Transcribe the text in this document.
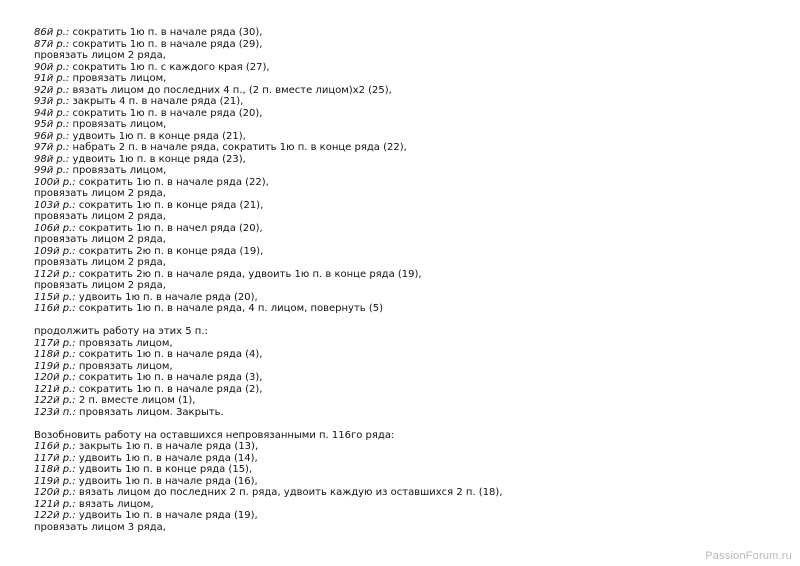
86й р.: сократить 1ю п. в начале ряда (30),
87й р.: сократить 1ю п. в начале ряда (29),
провязать лицом 2 ряда,
90й р.: сократить 1ю п. с каждого края (27),
91й р.: провязать лицом,
92й р.: вязать лицом до последних 4 п., (2 п. вместе лицом)х2 (25),
93й р.: закрыть 4 п. в начале ряда (21),
94й р.: сократить 1ю п. в начале ряда (20),
95й р.: провязать лицом,
96й р.: удвоить 1ю п. в конце ряда (21),
97й р.: набрать 2 п. в начале ряда, сократить 1ю п. в конце ряда (22),
98й р.: удвоить 1ю п. в конце ряда (23),
99й р.: провязать лицом,
100й р.: сократить 1ю п. в начале ряда (22),
провязать лицом 2 ряда,
103й р.: сократить 1ю п. в конце ряда (21),
провязать лицом 2 ряда,
106й р.: сократить 1ю п. в начел ряда (20),
провязать лицом 2 ряда,
109й р.: сократить 2ю п. в конце ряда (19),
провязать лицом 2 ряда,
112й р.: сократить 2ю п. в начале ряда, удвоить 1ю п. в конце ряда (19),
провязать лицом 2 ряда,
115й р.: удвоить 1ю п. в начале ряда (20),
116й р.: сократить 1ю п. в начале ряда, 4 п. лицом, повернуть (5)
продолжить работу на этих 5 п.:
117й р.: провязать лицом,
118й р.: сократить 1ю п. в начале ряда (4),
119й р.: провязать лицом,
120й р.: сократить 1ю п. в начале ряда (3),
121й р.: сократить 1ю п. в начале ряда (2),
122й р.: 2 п. вместе лицом (1),
123й п.: провязать лицом. Закрыть.
Возобновить работу на оставшихся непровязанными п. 116го ряда:
116й р.: закрыть 1ю п. в начале ряда (13),
117й р.: удвоить 1ю п. в начале ряда (14),
118й р.: удвоить 1ю п. в конце ряда (15),
119й р.: удвоить 1ю п. в начале ряда (16),
120й р.: вязать лицом до последних 2 п. ряда, удвоить каждую из оставшихся 2 п. (18),
121й р.: вязать лицом,
122й р.: удвоить 1ю п. в начале ряда (19),
провязать лицом 3 ряда,
PassionForum.ru
